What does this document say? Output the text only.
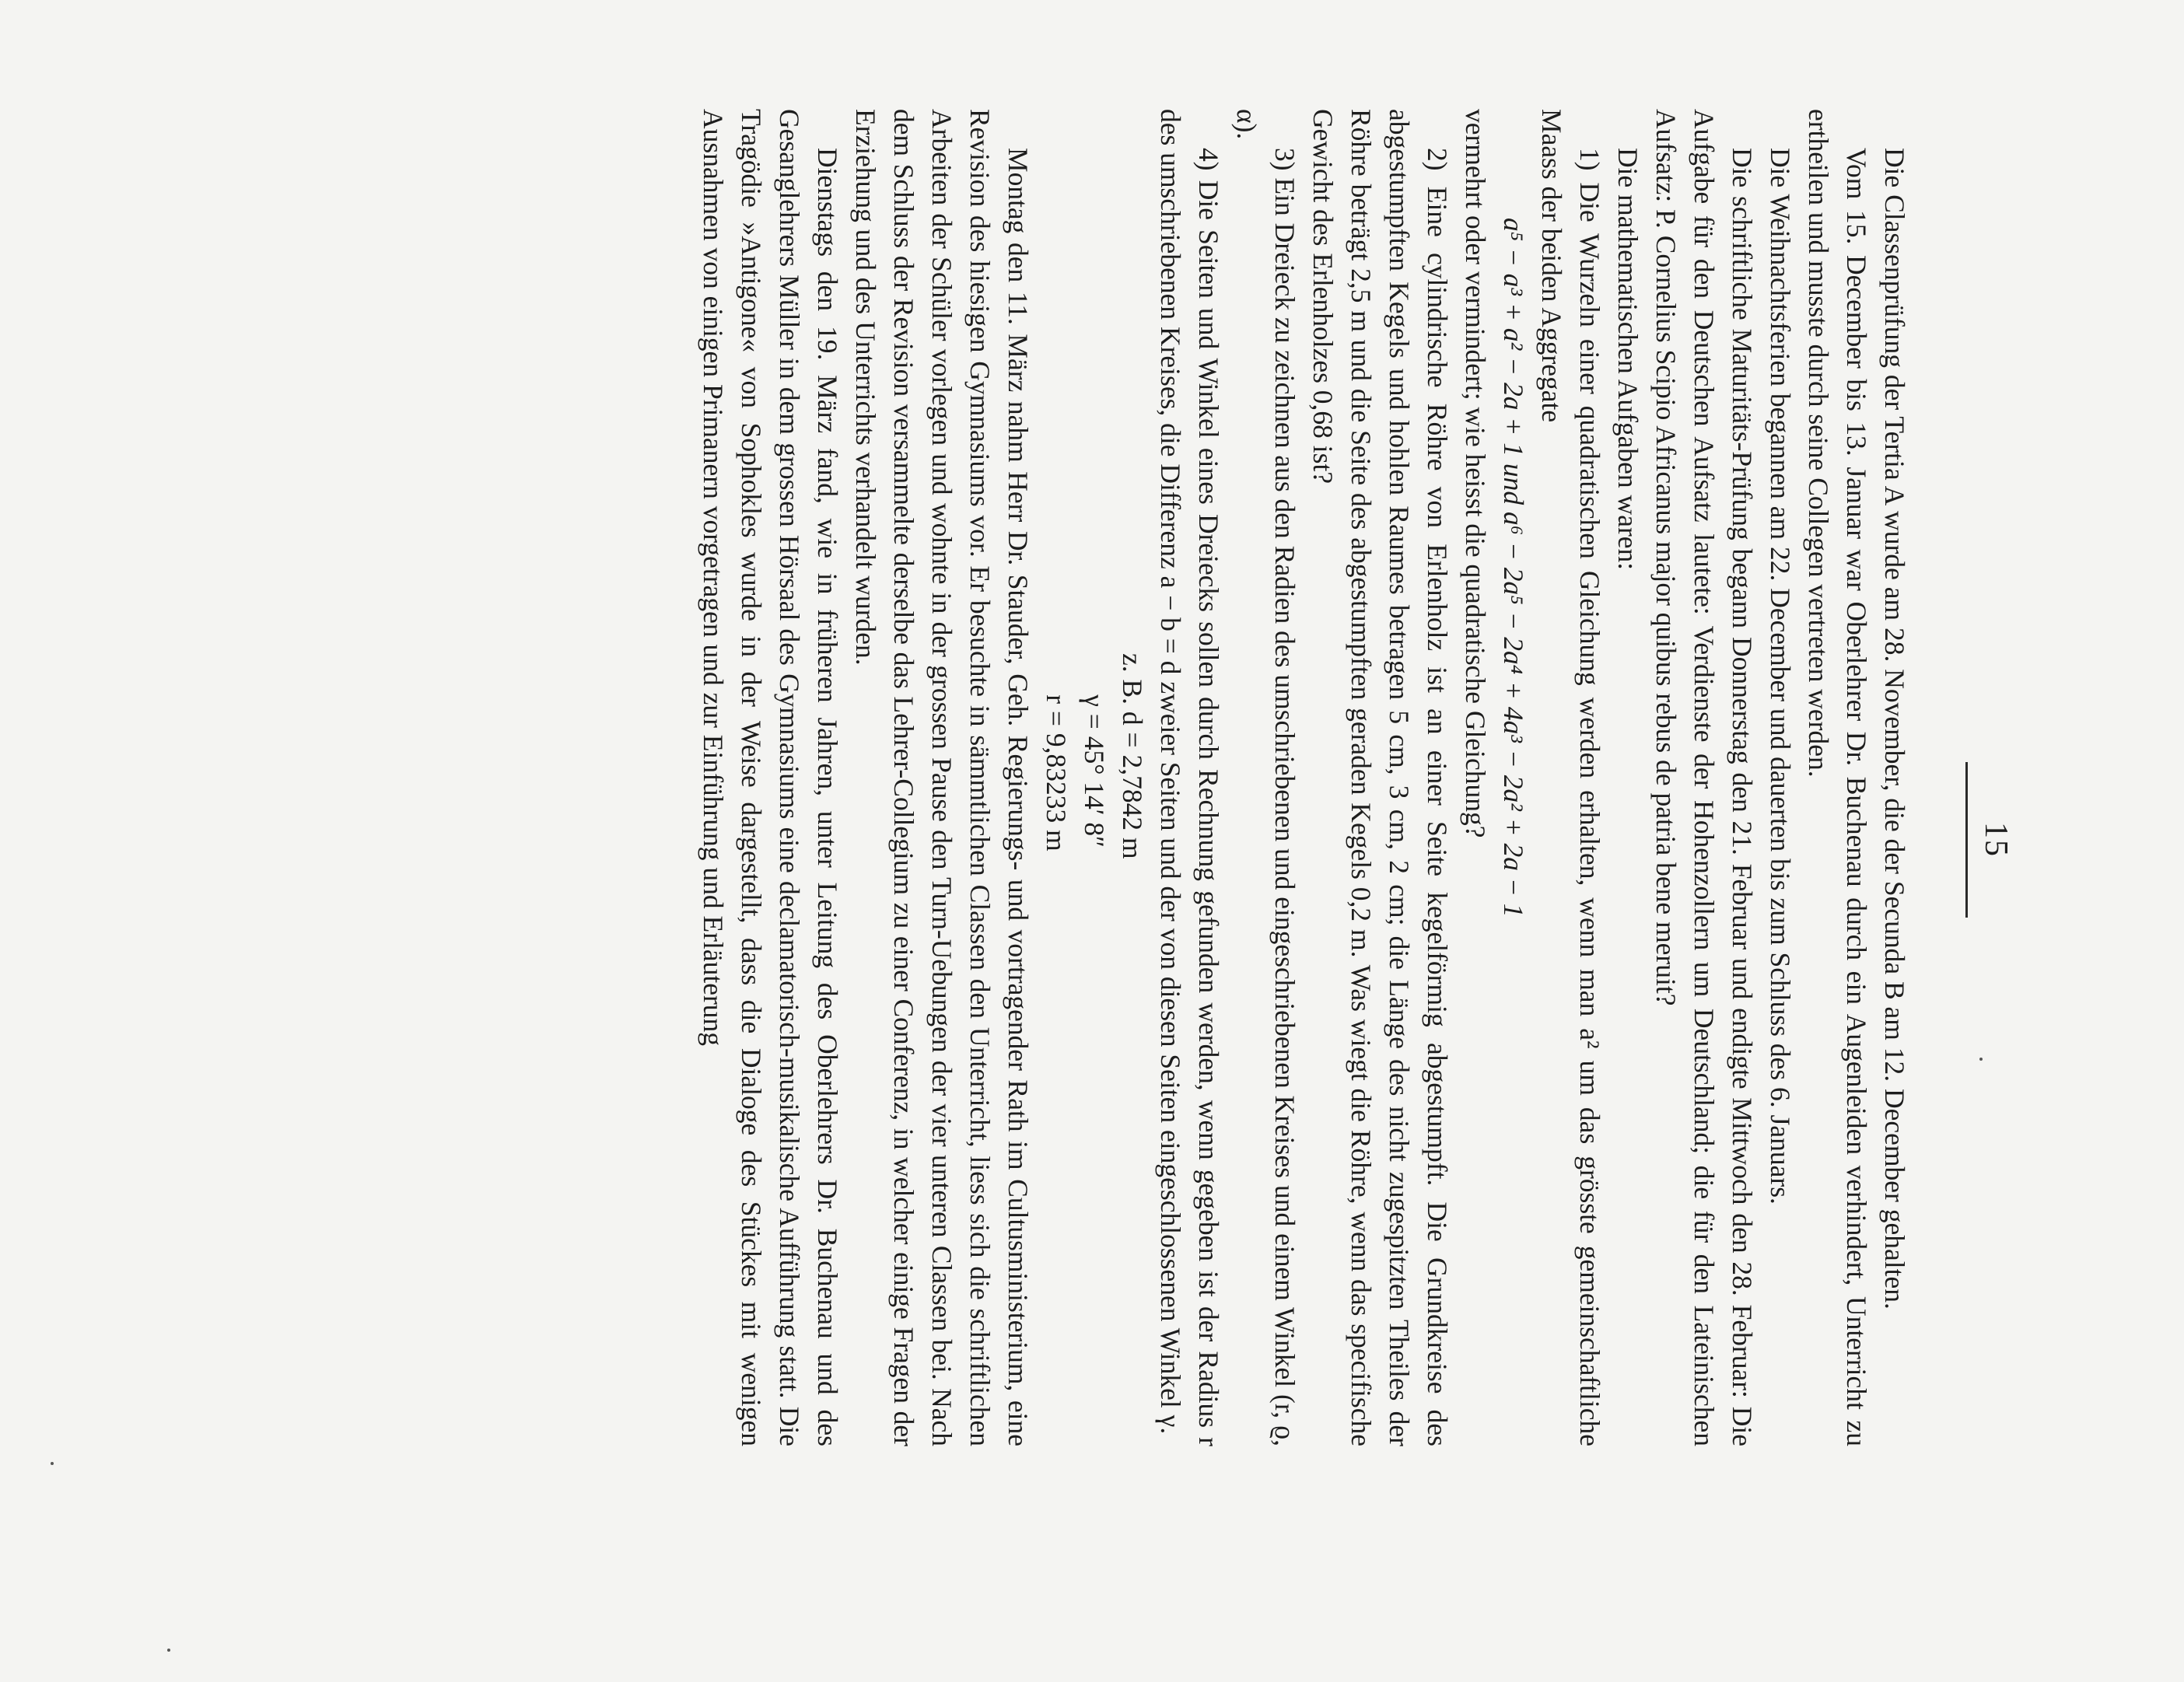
15

Die Classenprüfung der Tertia A wurde am 28. November, die der Secunda B am 12. December gehalten.

Vom 15. December bis 13. Januar war Oberlehrer Dr. Buchenau durch ein Augenleiden verhindert, Unterricht zu ertheilen und musste durch seine Collegen vertreten werden.

Die Weihnachtsferien begannen am 22. December und dauerten bis zum Schluss des 6. Januars.

Die schriftliche Maturitäts-Prüfung begann Donnerstag den 21. Februar und endigte Mittwoch den 28. Februar: Die Aufgabe für den Deutschen Aufsatz lautete: Verdienste der Hohenzollern um Deutschland; die für den Lateinischen Aufsatz: P. Cornelius Scipio Africanus major quibus rebus de patria bene meruit?

Die mathematischen Aufgaben waren:

1) Die Wurzeln einer quadratischen Gleichung werden erhalten, wenn man a² um das grösste gemeinschaftliche Maass der beiden Aggregate

a⁵ − a³ + a² − 2a + 1 und a⁶ − 2a⁵ − 2a⁴ + 4a³ − 2a² + 2a − 1

vermehrt oder vermindert; wie heisst die quadratische Gleichung?

2) Eine cylindrische Röhre von Erlenholz ist an einer Seite kegelförmig abgestumpft. Die Grundkreise des abgestumpften Kegels und hohlen Raumes betragen 5 cm, 3 cm, 2 cm; die Länge des nicht zugespitzten Theiles der Röhre beträgt 2,5 m und die Seite des abgestumpften geraden Kegels 0,2 m. Was wiegt die Röhre, wenn das specifische Gewicht des Erlenholzes 0,68 ist?

3) Ein Dreieck zu zeichnen aus den Radien des umschriebenen und eingeschriebenen Kreises und einem Winkel (r, ϱ, α).

4) Die Seiten und Winkel eines Dreiecks sollen durch Rechnung gefunden werden, wenn gegeben ist der Radius r des umschriebenen Kreises, die Differenz a − b = d zweier Seiten und der von diesen Seiten eingeschlossenen Winkel γ.

z. B. d = 2,7842 m
γ = 45° 14′ 8″
r = 9,83233 m

Montag den 11. März nahm Herr Dr. Stauder, Geh. Regierungs- und vortragender Rath im Cultusministerium, eine Revision des hiesigen Gymnasiums vor. Er besuchte in sämmtlichen Classen den Unterricht, liess sich die schriftlichen Arbeiten der Schüler vorlegen und wohnte in der grossen Pause den Turn-Uebungen der vier unteren Classen bei. Nach dem Schluss der Revision versammelte derselbe das Lehrer-Collegium zu einer Conferenz, in welcher einige Fragen der Erziehung und des Unterrichts verhandelt wurden.

Dienstags den 19. März fand, wie in früheren Jahren, unter Leitung des Oberlehrers Dr. Buchenau und des Gesanglehrers Müller in dem grossen Hörsaal des Gymnasiums eine declamatorisch-musikalische Aufführung statt. Die Tragödie »Antigone« von Sophokles wurde in der Weise dargestellt, dass die Dialoge des Stückes mit wenigen Ausnahmen von einigen Primanern vorgetragen und zur Einführung und Erläuterung
